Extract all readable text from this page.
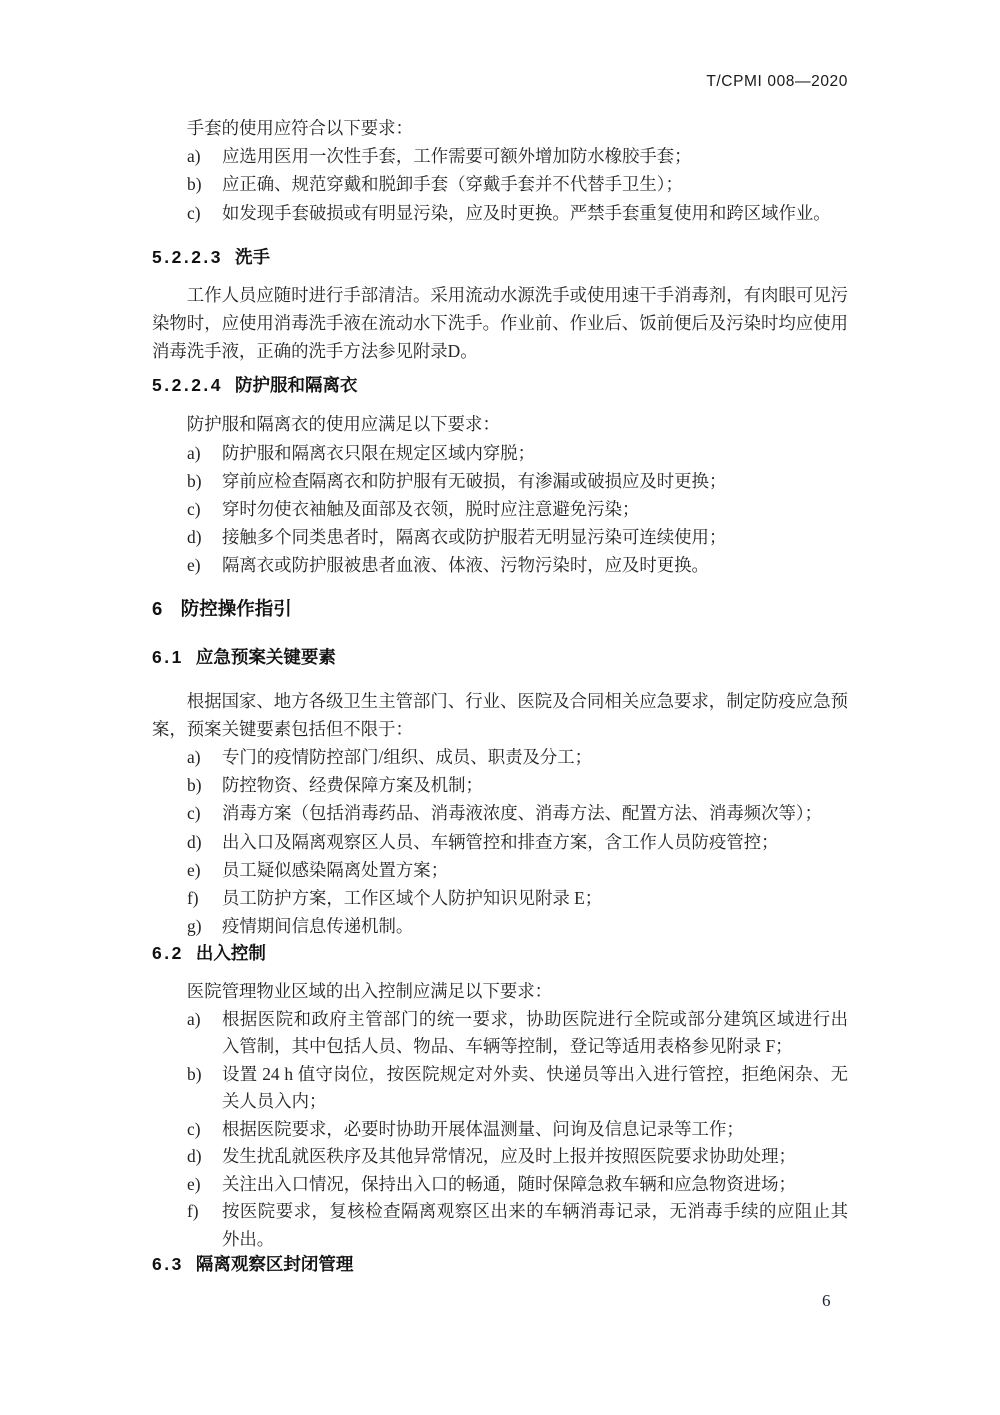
T/CPMI 008—2020

手套的使用应符合以下要求：

a)	应选用医用一次性手套，工作需要可额外增加防水橡胶手套；
b)	应正确、规范穿戴和脱卸手套（穿戴手套并不代替手卫生）；
c)	如发现手套破损或有明显污染，应及时更换。严禁手套重复使用和跨区域作业。
5.2.2.3 洗手

工作人员应随时进行手部清洁。采用流动水源洗手或使用速干手消毒剂，有肉眼可见污染物时，应使用消毒洗手液在流动水下洗手。作业前、作业后、饭前便后及污染时均应使用消毒洗手液，正确的洗手方法参见附录D。

5.2.2.4 防护服和隔离衣

防护服和隔离衣的使用应满足以下要求：

a)	防护服和隔离衣只限在规定区域内穿脱；
b)	穿前应检查隔离衣和防护服有无破损，有渗漏或破损应及时更换；
c)	穿时勿使衣袖触及面部及衣领，脱时应注意避免污染；
d)	接触多个同类患者时，隔离衣或防护服若无明显污染可连续使用；
e)	隔离衣或防护服被患者血液、体液、污物污染时，应及时更换。
6 防控操作指引
6.1 应急预案关键要素

根据国家、地方各级卫生主管部门、行业、医院及合同相关应急要求，制定防疫应急预案，预案关键要素包括但不限于：

a)	专门的疫情防控部门/组织、成员、职责及分工；
b)	防控物资、经费保障方案及机制；
c)	消毒方案（包括消毒药品、消毒液浓度、消毒方法、配置方法、消毒频次等）；
d)	出入口及隔离观察区人员、车辆管控和排查方案，含工作人员防疫管控；
e)	员工疑似感染隔离处置方案；
f)	员工防护方案，工作区域个人防护知识见附录 E；
g)	疫情期间信息传递机制。
6.2 出入控制

医院管理物业区域的出入控制应满足以下要求：

a)	根据医院和政府主管部门的统一要求，协助医院进行全院或部分建筑区域进行出入管制，其中包括人员、物品、车辆等控制，登记等适用表格参见附录 F；
b)	设置 24 h 值守岗位，按医院规定对外卖、快递员等出入进行管控，拒绝闲杂、无关人员入内；
c)	根据医院要求，必要时协助开展体温测量、问询及信息记录等工作；
d)	发生扰乱就医秩序及其他异常情况，应及时上报并按照医院要求协助处理；
e)	关注出入口情况，保持出入口的畅通，随时保障急救车辆和应急物资进场；
f)	按医院要求，复核检查隔离观察区出来的车辆消毒记录，无消毒手续的应阻止其外出。
6.3 隔离观察区封闭管理
6
